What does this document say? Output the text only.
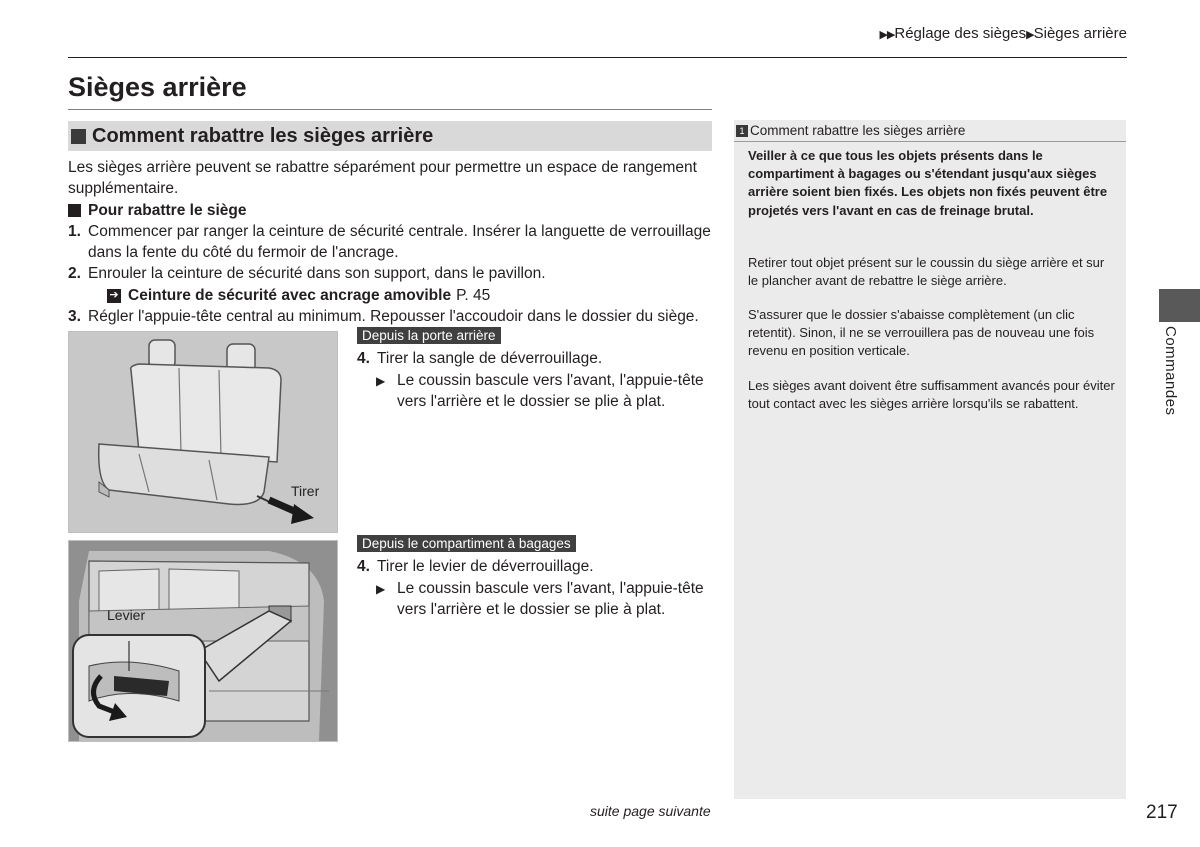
▶▶Réglage des sièges▶Sièges arrière
Sièges arrière
Comment rabattre les sièges arrière
Les sièges arrière peuvent se rabattre séparément pour permettre un espace de rangement supplémentaire.
Pour rabattre le siège
1. Commencer par ranger la ceinture de sécurité centrale. Insérer la languette de verrouillage dans la fente du côté du fermoir de l'ancrage.
2. Enrouler la ceinture de sécurité dans son support, dans le pavillon.
➔ Ceinture de sécurité avec ancrage amovible P. 45
3. Régler l'appuie-tête central au minimum. Repousser l'accoudoir dans le dossier du siège.
Tirer
Levier
Depuis la porte arrière
4. Tirer la sangle de déverrouillage.
▶ Le coussin bascule vers l'avant, l'appuie-tête vers l'arrière et le dossier se plie à plat.
Depuis le compartiment à bagages
4. Tirer le levier de déverrouillage.
▶ Le coussin bascule vers l'avant, l'appuie-tête vers l'arrière et le dossier se plie à plat.
1 Comment rabattre les sièges arrière
Veiller à ce que tous les objets présents dans le compartiment à bagages ou s'étendant jusqu'aux sièges arrière soient bien fixés. Les objets non fixés peuvent être projetés vers l'avant en cas de freinage brutal.
Retirer tout objet présent sur le coussin du siège arrière et sur le plancher avant de rebattre le siège arrière.
S'assurer que le dossier s'abaisse complètement (un clic retentit). Sinon, il ne se verrouillera pas de nouveau une fois revenu en position verticale.
Les sièges avant doivent être suffisamment avancés pour éviter tout contact avec les sièges arrière lorsqu'ils se rabattent.	Commandes
suite page suivante	217
